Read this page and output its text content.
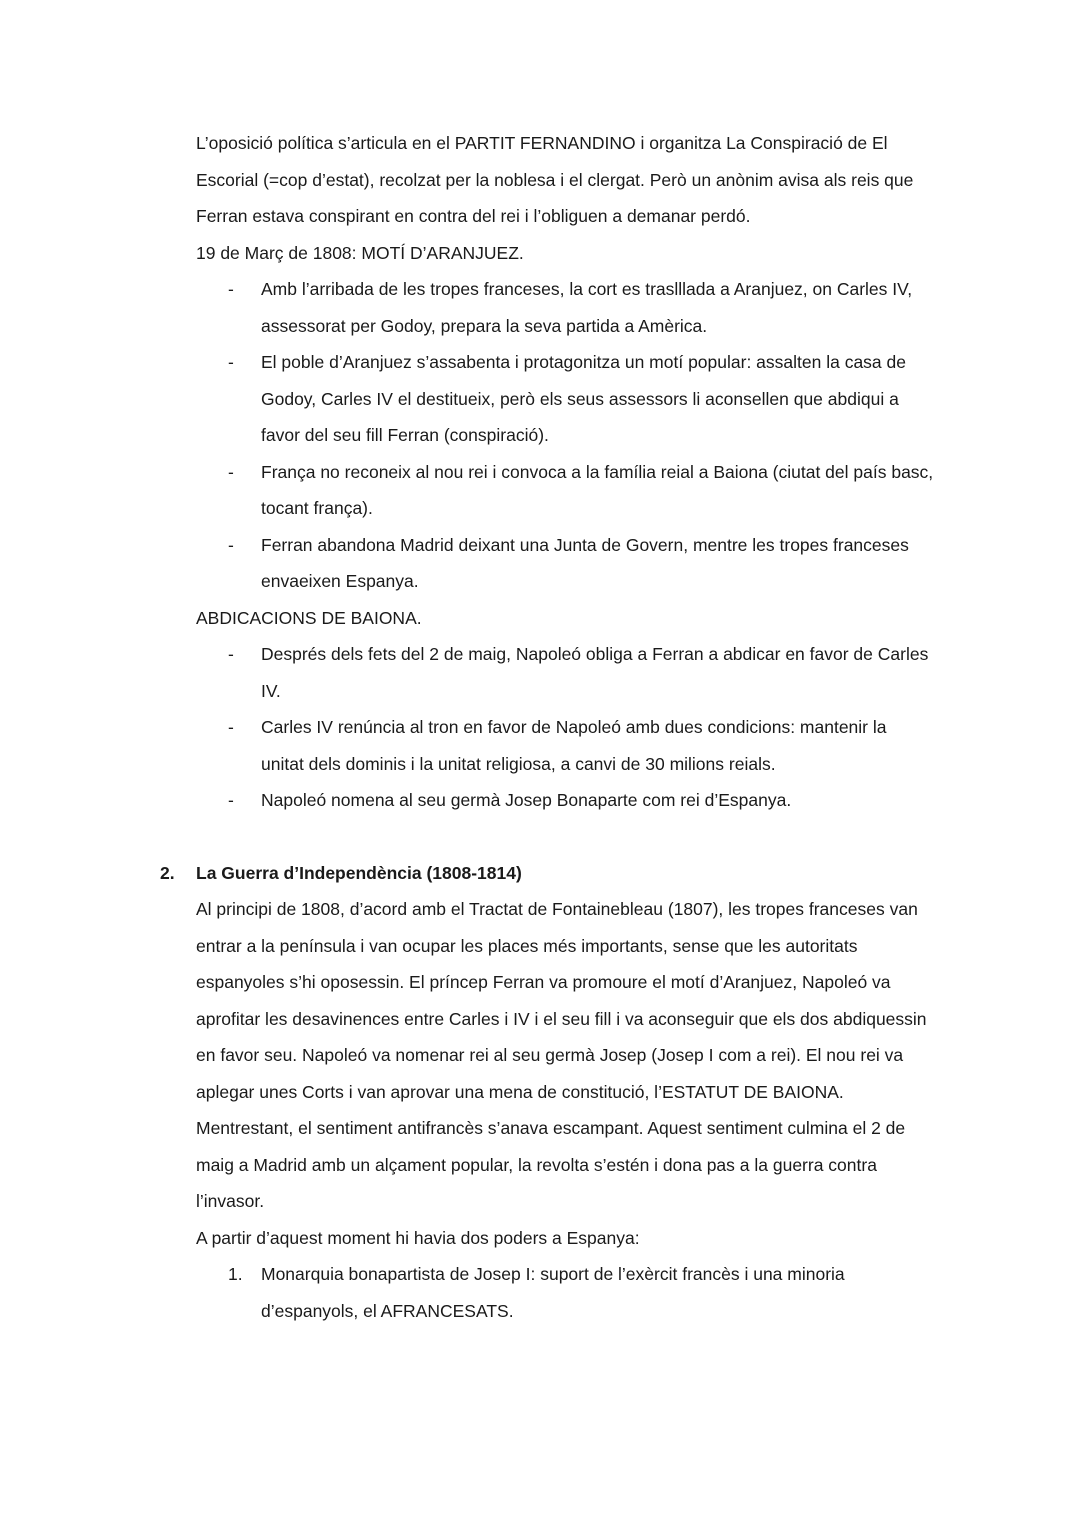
L’oposició política s’articula en el PARTIT FERNANDINO i organitza La Conspiració de El
Escorial (=cop d’estat), recolzat per la noblesa i el clergat. Però un anònim avisa als reis que
Ferran estava conspirant en contra del rei i l’obliguen a demanar perdó.
19 de Març de 1808: MOTÍ D’ARANJUEZ.
- Amb l’arribada de les tropes franceses, la cort es traslllada a Aranjuez, on Carles IV,
assessorat per Godoy, prepara la seva partida a Amèrica.
- El poble d’Aranjuez s’assabenta i protagonitza un motí popular: assalten la casa de
Godoy, Carles IV el destitueix, però els seus assessors li aconsellen que abdiqui a
favor del seu fill Ferran (conspiració).
- França no reconeix al nou rei i convoca a la família reial a Baiona (ciutat del país basc,
tocant frança).
- Ferran abandona Madrid deixant una Junta de Govern, mentre les tropes franceses
envaeixen Espanya.
ABDICACIONS DE BAIONA.
- Després dels fets del 2 de maig, Napoleó obliga a Ferran a abdicar en favor de Carles
IV.
- Carles IV renúncia al tron en favor de Napoleó amb dues condicions: mantenir la
unitat dels dominis i la unitat religiosa, a canvi de 30 milions reials.
- Napoleó nomena al seu germà Josep Bonaparte com rei d’Espanya.
2. La Guerra d’Independència (1808-1814)
Al principi de 1808, d’acord amb el Tractat de Fontainebleau (1807), les tropes franceses van
entrar a la península i van ocupar les places més importants, sense que les autoritats
espanyoles s’hi oposessin. El príncep Ferran va promoure el motí d’Aranjuez, Napoleó va
aprofitar les desavinences entre Carles i IV i el seu fill i va aconseguir que els dos abdiquessin
en favor seu. Napoleó va nomenar rei al seu germà Josep (Josep I com a rei). El nou rei va
aplegar unes Corts i van aprovar una mena de constitució, l’ESTATUT DE BAIONA.
Mentrestant, el sentiment antifrancès s’anava escampant. Aquest sentiment culmina el 2 de
maig a Madrid amb un alçament popular, la revolta s’estén i dona pas a la guerra contra
l’invasor.
A partir d’aquest moment hi havia dos poders a Espanya:
1. Monarquia bonapartista de Josep I: suport de l’exèrcit francès i una minoria
d’espanyols, el AFRANCESATS.
